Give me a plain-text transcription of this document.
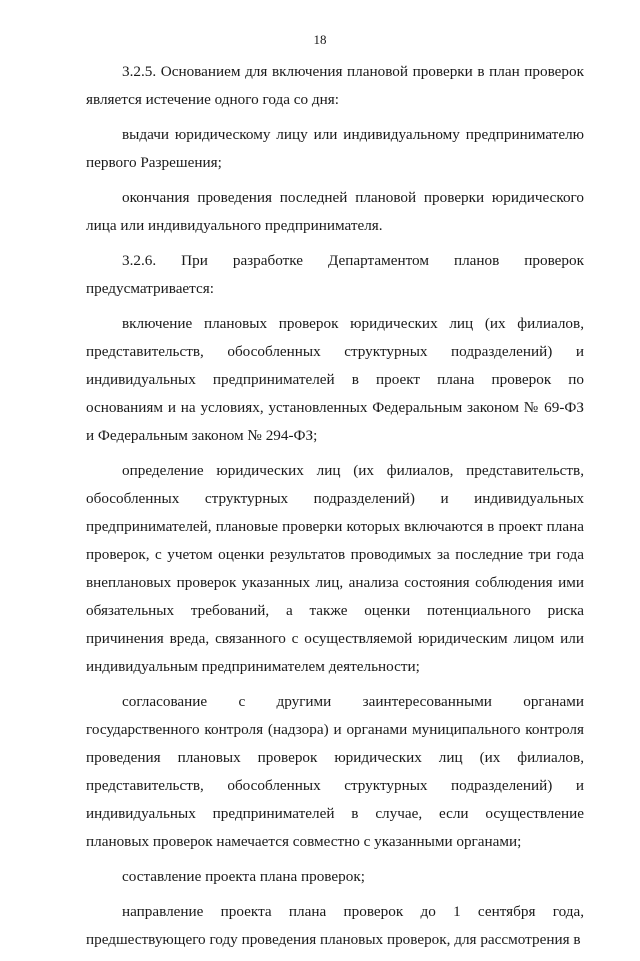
18

3.2.5. Основанием для включения плановой проверки в план проверок является истечение одного года со дня:

выдачи юридическому лицу или индивидуальному предпринимателю первого Разрешения;

окончания проведения последней плановой проверки юридического лица или индивидуального предпринимателя.

3.2.6. При разработке Департаментом планов проверок предусматривается:

включение плановых проверок юридических лиц (их филиалов, представительств, обособленных структурных подразделений) и индивидуальных предпринимателей в проект плана проверок по основаниям и на условиях, установленных Федеральным законом № 69-ФЗ и Федеральным законом № 294-ФЗ;

определение юридических лиц (их филиалов, представительств, обособленных структурных подразделений) и индивидуальных предпринимателей, плановые проверки которых включаются в проект плана проверок, с учетом оценки результатов проводимых за последние три года внеплановых проверок указанных лиц, анализа состояния соблюдения ими обязательных требований, а также оценки потенциального риска причинения вреда, связанного с осуществляемой юридическим лицом или индивидуальным предпринимателем деятельности;

согласование с другими заинтересованными органами государственного контроля (надзора) и органами муниципального контроля проведения плановых проверок юридических лиц (их филиалов, представительств, обособленных структурных подразделений) и индивидуальных предпринимателей в случае, если осуществление плановых проверок намечается совместно с указанными органами;

составление проекта плана проверок;

направление проекта плана проверок до 1 сентября года, предшествующего году проведения плановых проверок, для рассмотрения в
